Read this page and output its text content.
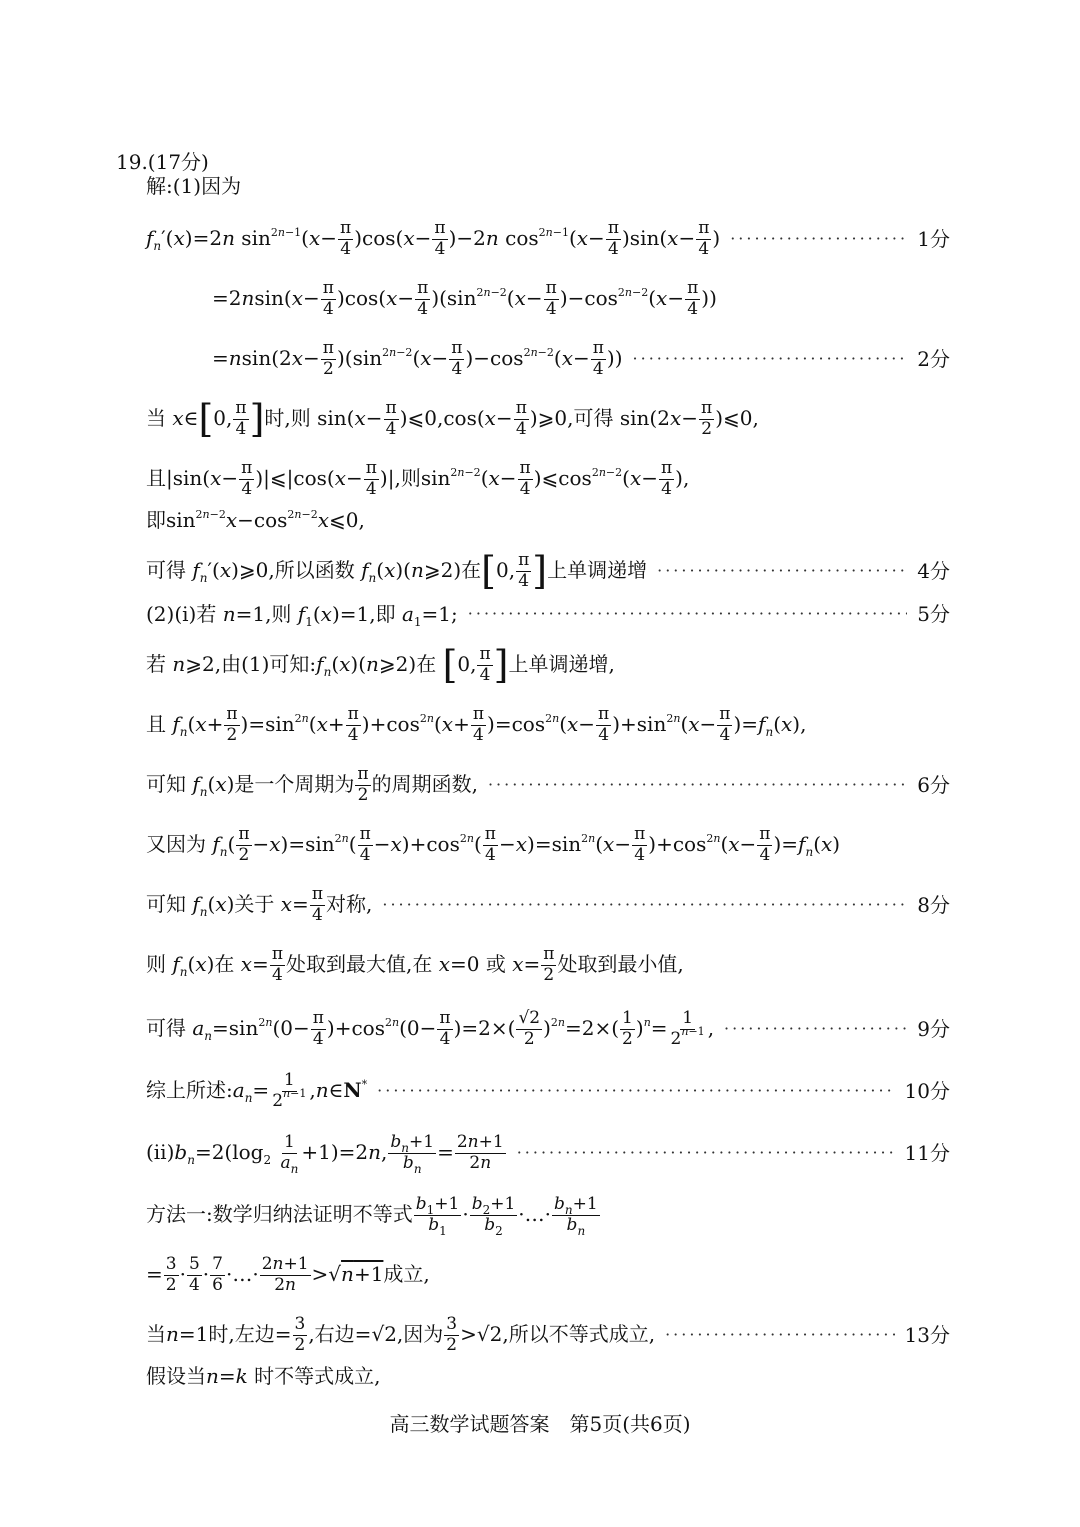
19.(17分)
解:(1)因为
$f_n'(x)=2n$ $\sin^{2n-1}(x- \frac{\pi}{4} )\cos(x- \frac{\pi}{4} )-2n$ $\cos^{2n-1}(x- \frac{\pi}{4} )\sin(x- \frac{\pi}{4}$ ) ·····	1分
$=2nsin(x- \frac{\pi}{4} )\cos(x- \frac{\pi}{4} )(\sin^{2n-2}(x- \frac{\pi}{4} )-\cos^{2n-2}(x- \frac{\pi}{4}$ ))
$=nsin(2x- \frac{\pi}{2} )(\sin^{2n-2}(x- \frac{\pi}{4} )-\cos^{2n-2}(x- \frac{\pi}{4}$ )) ·····	2分
当 x∈[0, $\frac{\pi}{4}$ ]时,则 $\sin(x- \frac{\pi}{4}$ )⩽0,cos(x− $\frac{\pi}{4}$ )⩾0,可得 $\sin(2x- \frac{\pi}{2}$ )⩽0,
且$|\sin(x- \frac{\pi}{4}$ )|⩽|cos(x− $\frac{\pi}{4}$ )|,则$\sin^{2n-2}(x- \frac{\pi}{4}$ )$⩽\cos^{2n-2}(x- \frac{\pi}{4}$ ),
即$\sin^{2n-2}x-\cos^{2n-2}x⩽0$,
可得 $f_n'(x)⩾0$,所以函数 $f_n(x)(n⩾2)$在[0, $\frac{\pi}{4}$ ]上单调递增 ·····	4分
(2)(ⅰ)若 n=1,则 $f_1(x)=1$,即 $a_1=1$; ·····	5分
若 n⩾2,由(1)可知$:f_n(x)(n⩾2)$在 [0, $\frac{\pi}{4}$ ]上单调递增,
且 $f_n(x+ \frac{\pi}{2} )=\sin^{2n}(x+ \frac{\pi}{4} )+\cos^{2n}(x+ \frac{\pi}{4} )=\cos^{2n}(x- \frac{\pi}{4} )+\sin^{2n}(x- \frac{\pi}{4} )=f_n(x)$,
可知 $f_n(x)$是一个周期为 $\frac{\pi}{2}$ 的周期函数, ·····	6分
又因为 $f_n( \frac{\pi}{2} -x)=\sin^{2n}( \frac{\pi}{4} -x)+\cos^{2n}( \frac{\pi}{4} -x)=\sin^{2n}(x- \frac{\pi}{4} )+\cos^{2n}(x- \frac{\pi}{4} )=f_n(x)$
可知 $f_n(x)$关于 $x= \frac{\pi}{4}$ 对称, ·····	8分
则 $f_n(x)$在 $x= \frac{\pi}{4}$ 处取到最大值,在 x=0 或 $x= \frac{\pi}{2}$ 处取到最小值,
可得 $a_n=\sin^{2n}(0- \frac{\pi}{4} )+\cos^{2n}(0- \frac{\pi}{4} )=2\times( \frac{√2}{2} )^{2n}=2\times( \frac{1}{2} )^n= \frac{1}{2^{n-1}}$ , ·····	9分
综上所述$:a_n= \frac{1}{2^{n-1}}$ ,n∈N* ·····	10分
$(ⅱ)b_n=2(\log_2 \frac{1}{a_n} +1)=2n$, $\frac{b_n+1}{b_n} = \frac{2n+1}{2n}$ ·····	11分
方法一:数学归纳法证明不等式 $\frac{b_1+1}{b_1} \cdot \frac{b_2+1}{b_2}$ ·…· $\frac{b_n+1}{b_n}$
= $\frac{3}{2} \cdot \frac{5}{4} \cdot \frac{7}{6}$ ·…· $\frac{2n+1}{2n} >√n+1$成立,
当n=1时,左边= $\frac{3}{2}$ ,右边=√2,因为 $\frac{3}{2} >√2$,所以不等式成立, ·····	13分
假设当n=k 时不等式成立,
高三数学试题答案　第5页(共6页)
